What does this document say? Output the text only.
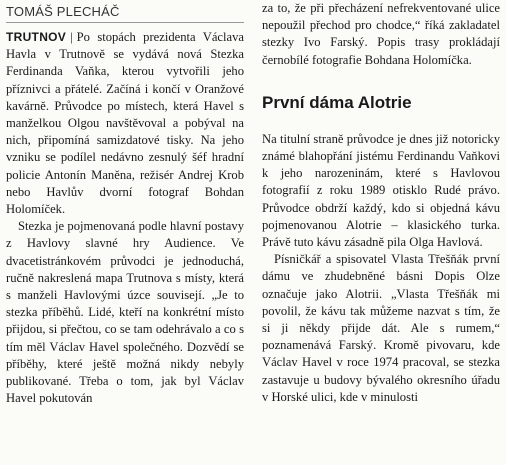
TOMÁŠ PLECHÁČ

TRUTNOV | Po stopách prezidenta Václava Havla v Trutnově se vydává nová Stezka Ferdinanda Vaňka, kterou vytvořili jeho příznivci a přátelé. Začíná i končí v Oranžové kavárně. Průvodce po místech, která Havel s manželkou Olgou navštěvoval a pobýval na nich, připomíná samizdatové tisky. Na jeho vzniku se podílel nedávno zesnulý šéf hradní policie Antonín Maněna, režisér Andrej Krob nebo Havlův dvorní fotograf Bohdan Holomíček.

Stezka je pojmenovaná podle hlavní postavy z Havlovy slavné hry Audience. Ve dvacetistránkovém průvodci je jednoduchá, ručně nakreslená mapa Trutnova s místy, která s manželi Havlovými úzce souvisejí. „Je to stezka příběhů. Lidé, kteří na konkrétní místo přijdou, si přečtou, co se tam odehrávalo a co s tím měl Václav Havel společného. Dozvědí se příběhy, které ještě možná nikdy nebyly publikované. Třeba o tom, jak byl Václav Havel pokutován

za to, že při přecházení nefrekventované ulice nepoužil přechod pro chodce,“ říká zakladatel stezky Ivo Farský. Popis trasy prokládají černobílé fotografie Bohdana Holomíčka.

První dáma Alotrie

Na titulní straně průvodce je dnes již notoricky známé blahopřání jistému Ferdinandu Vaňkovi k jeho narozeninám, které s Havlovou fotografií z roku 1989 otisklo Rudé právo. Průvodce obdrží každý, kdo si objedná kávu pojmenovanou Alotrie – klasického turka. Právě tuto kávu zásadně pila Olga Havlová.

Písničkář a spisovatel Vlasta Třešňák první dámu ve zhudebněné básni Dopis Olze označuje jako Alotrii. „Vlasta Třešňák mi povolil, že kávu tak můžeme nazvat s tím, že si ji někdy přijde dát. Ale s rumem,“ poznamenává Farský. Kromě pivovaru, kde Václav Havel v roce 1974 pracoval, se stezka zastavuje u budovy bývalého okresního úřadu v Horské ulici, kde v minulosti
